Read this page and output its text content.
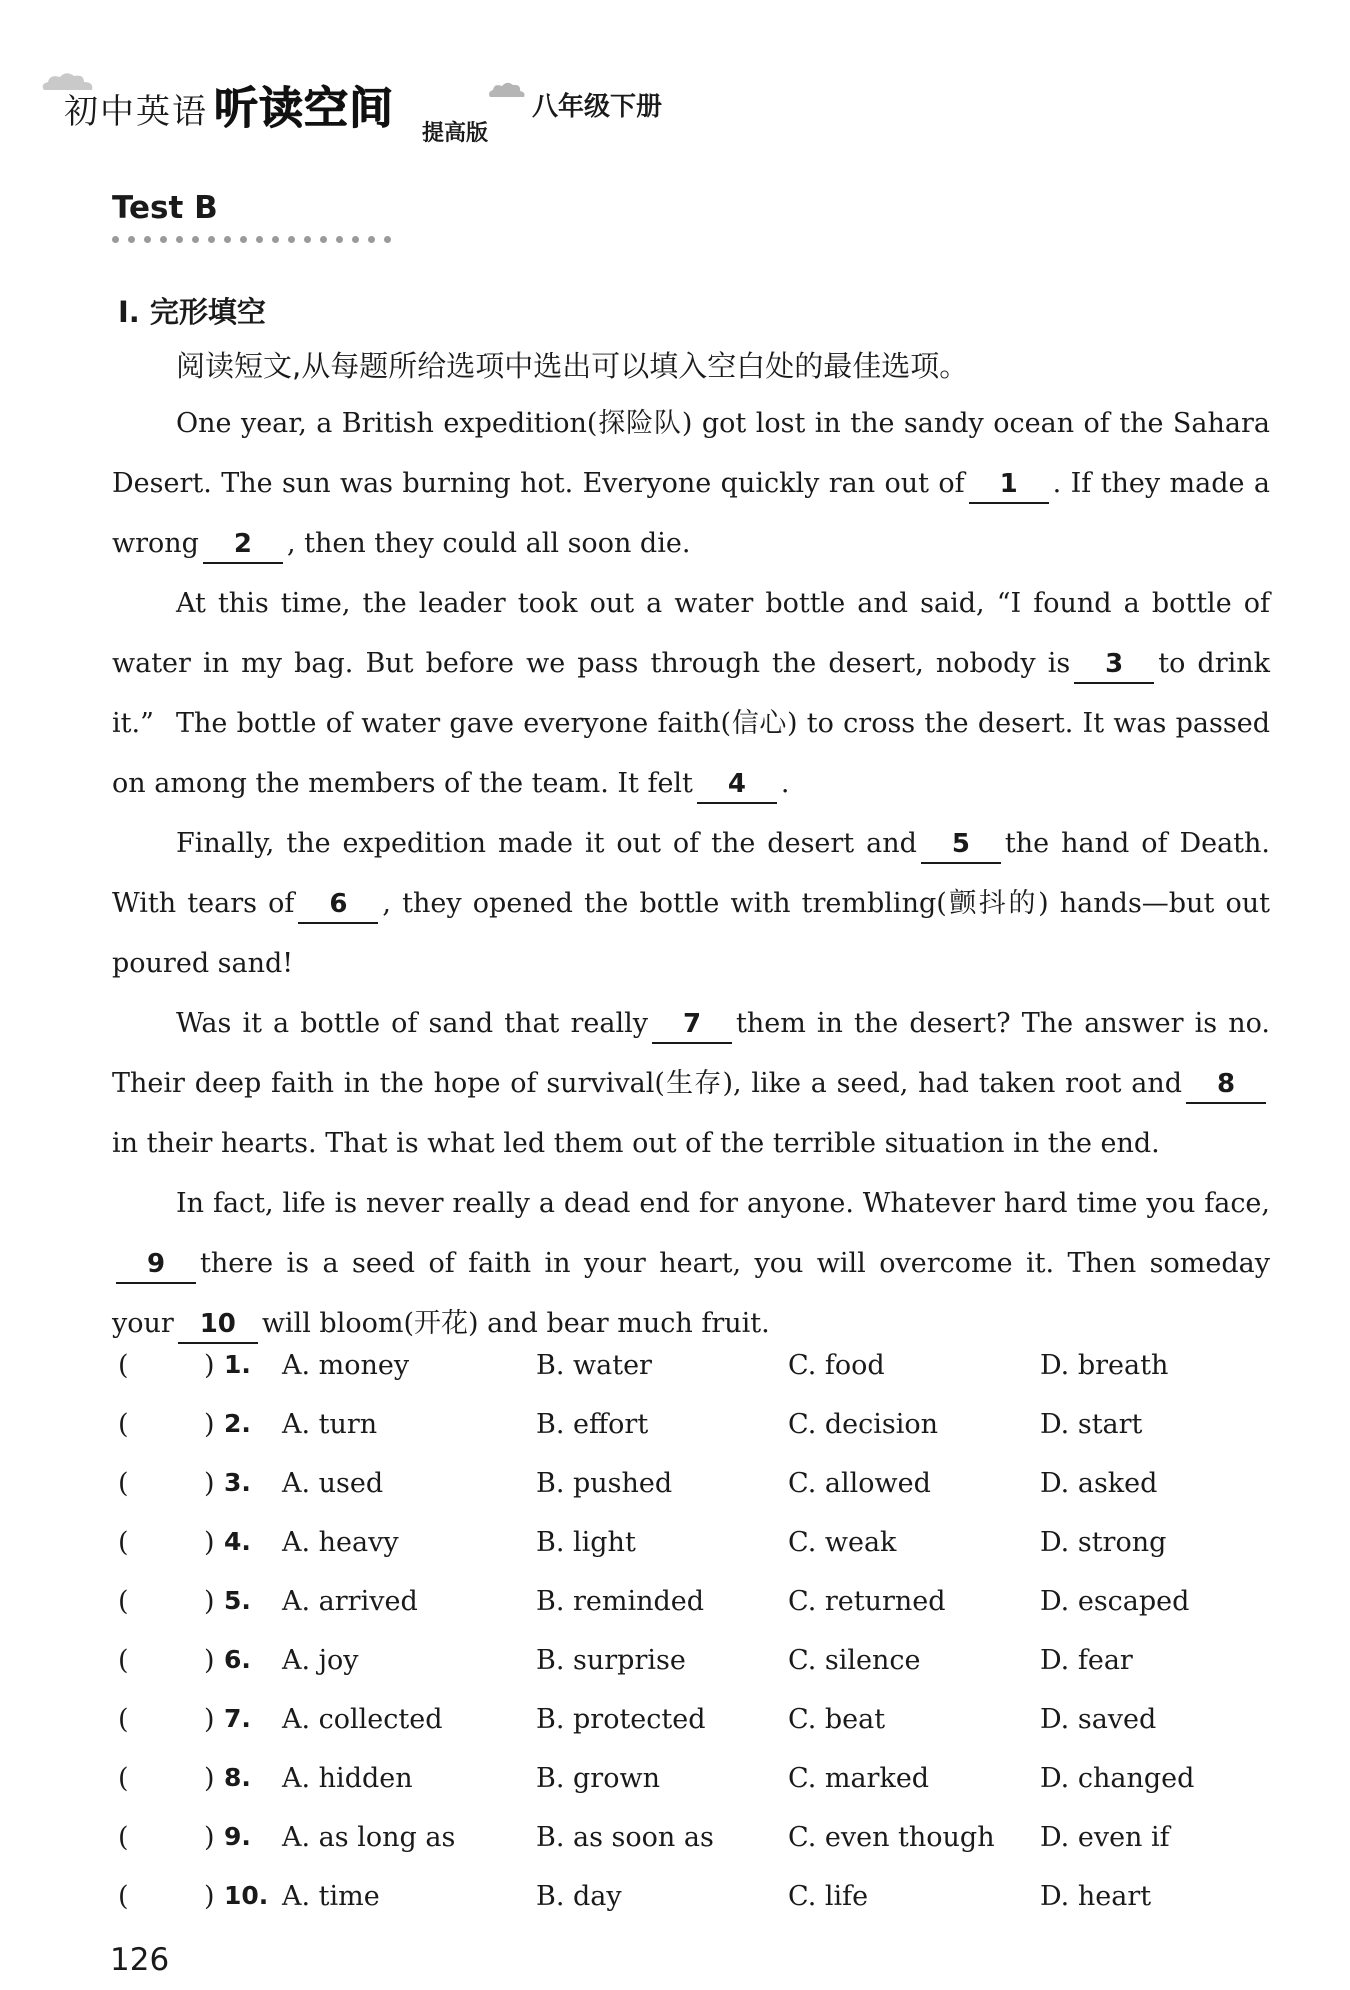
初中英语 听读空间 提高版
八年级下册
Test B
Ⅰ. 完形填空
阅读短文,从每题所给选项中选出可以填入空白处的最佳选项。
One year, a British expedition(探险队) got lost in the sandy ocean of the Sahara Desert. The sun was burning hot. Everyone quickly ran out of 1 . If they made a wrong 2 , then they could all soon die.
At this time, the leader took out a water bottle and said, “I found a bottle of water in my bag. But before we pass through the desert, nobody is 3 to drink it.” The bottle of water gave everyone faith(信心) to cross the desert. It was passed on among the members of the team. It felt 4 .
Finally, the expedition made it out of the desert and 5 the hand of Death. With tears of 6 , they opened the bottle with trembling(颤抖的) hands—but out poured sand!
Was it a bottle of sand that really 7 them in the desert? The answer is no. Their deep faith in the hope of survival(生存), like a seed, had taken root and 8in their hearts. That is what led them out of the terrible situation in the end.
In fact, life is never really a dead end for anyone. Whatever hard time you face,9 there is a seed of faith in your heart, you will overcome it. Then someday your 10 will bloom(开花) and bear much fruit.
(	) 1. A. money	B. water	C. food	D. breath
(	) 2. A. turn	B. effort	C. decision	D. start
(	) 3. A. used	B. pushed	C. allowed	D. asked
(	) 4. A. heavy	B. light	C. weak	D. strong
(	) 5. A. arrived	B. reminded	C. returned	D. escaped
(	) 6. A. joy	B. surprise	C. silence	D. fear
(	) 7. A. collected	B. protected	C. beat	D. saved
(	) 8. A. hidden	B. grown	C. marked	D. changed
(	) 9. A. as long as	B. as soon as	C. even though D. even if
(	) 10. A. time	B. day	C. life	D. heart
126
